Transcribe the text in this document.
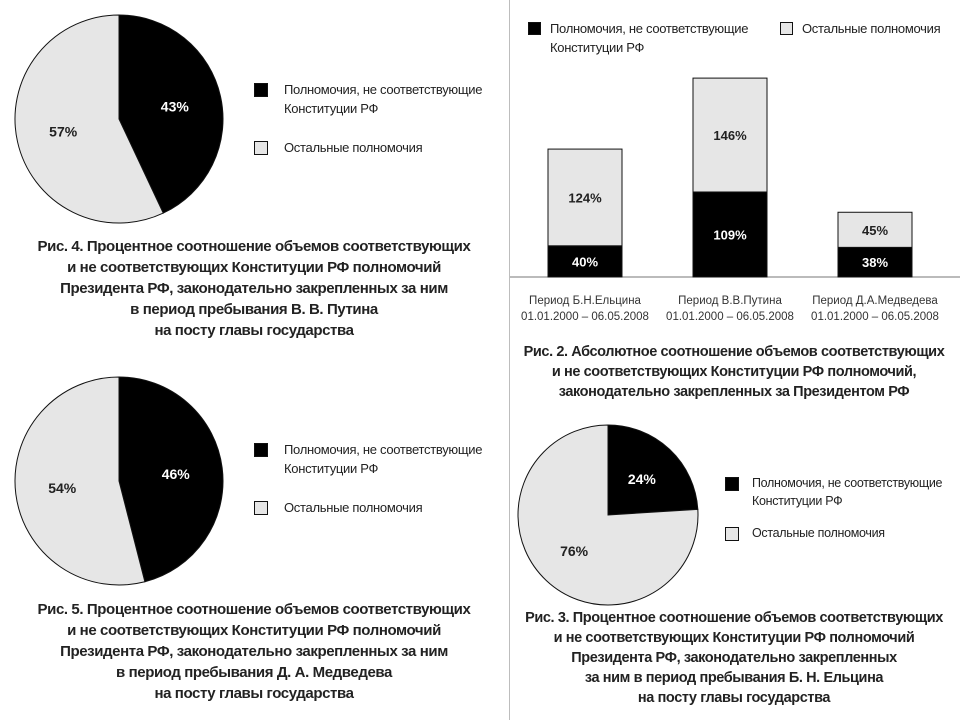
43%
57%
Полномочия, не соответствующие Конституции РФ
Остальные полномочия
Рис. 4. Процентное соотношение объемов соответствующих
и не соответствующих Конституции РФ полномочий
Президента РФ, законодательно закрепленных за ним
в период пребывания В. В. Путина
на посту главы государства
46%
54%
Полномочия, не соответствующие Конституции РФ
Остальные полномочия
Рис. 5. Процентное соотношение объемов соответствующих
и не соответствующих Конституции РФ полномочий
Президента РФ, законодательно закрепленных за ним
в период пребывания Д. А. Медведева
на посту главы государства
Полномочия, не соответствующие Конституции РФ
Остальные полномочия
40%
124%
Период Б.Н.Ельцина 01.01.2000 – 06.05.2008
109%
146%
Период В.В.Путина 01.01.2000 – 06.05.2008
38%
45%
Период Д.А.Медведева 01.01.2000 – 06.05.2008
Рис. 2. Абсолютное соотношение объемов соответствующих
и не соответствующих Конституции РФ полномочий,
законодательно закрепленных за Президентом РФ
24%
76%
Полномочия, не соответствующие Конституции РФ
Остальные полномочия
Рис. 3. Процентное соотношение объемов соответствующих
и не соответствующих Конституции РФ полномочий
Президента РФ, законодательно закрепленных
за ним в период пребывания Б. Н. Ельцина
на посту главы государства
